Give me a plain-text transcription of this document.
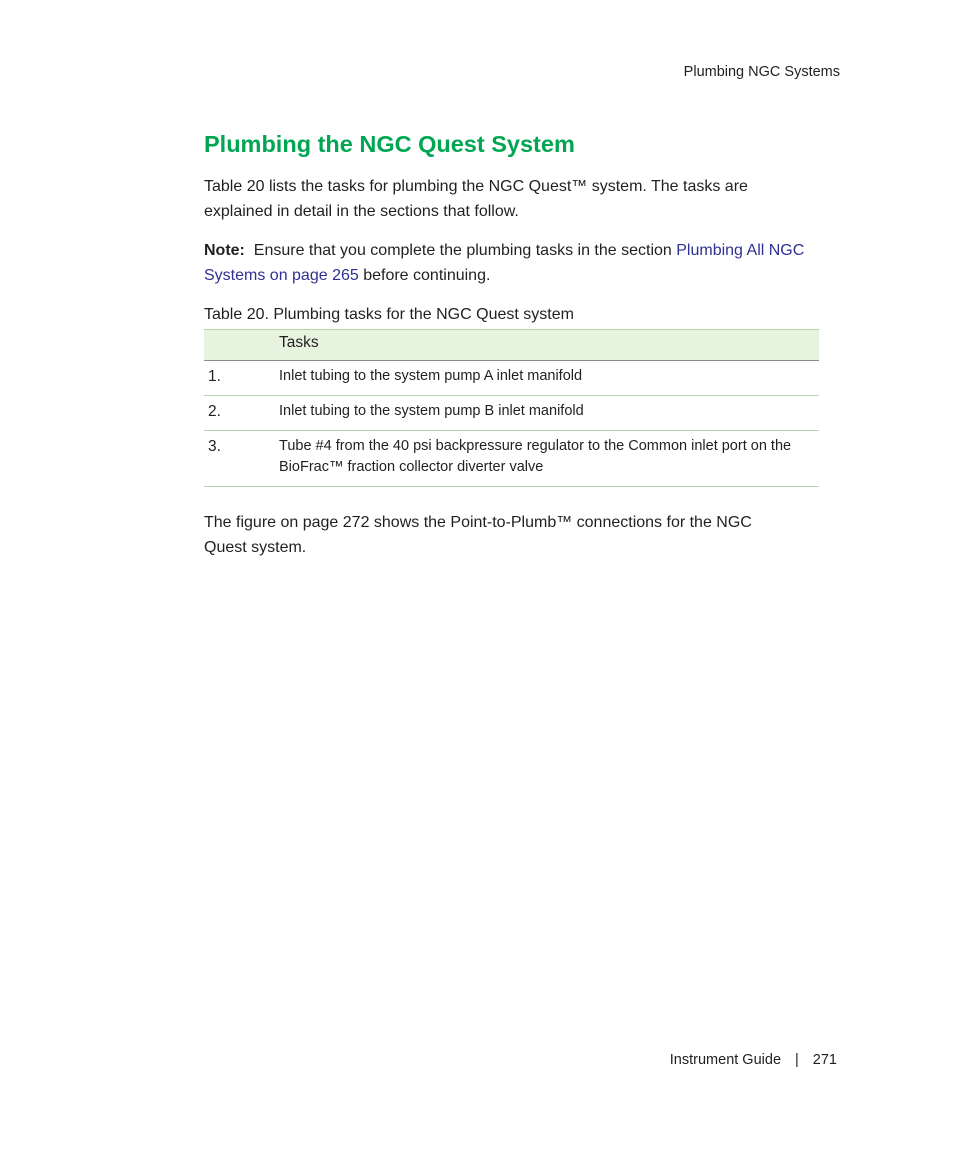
Plumbing NGC Systems
Plumbing the NGC Quest System

Table 20 lists the tasks for plumbing the NGC Quest™ system. The tasks are explained in detail in the sections that follow.

Note: Ensure that you complete the plumbing tasks in the section Plumbing All NGC Systems on page 265 before continuing.

Table 20. Plumbing tasks for the NGC Quest system
	Tasks
1.	Inlet tubing to the system pump A inlet manifold
2.	Inlet tubing to the system pump B inlet manifold
3.	Tube #4 from the 40 psi backpressure regulator to the Common inlet port on the BioFrac™ fraction collector diverter valve

The figure on page 272 shows the Point-to-Plumb™ connections for the NGC Quest system.

Instrument Guide | 271
